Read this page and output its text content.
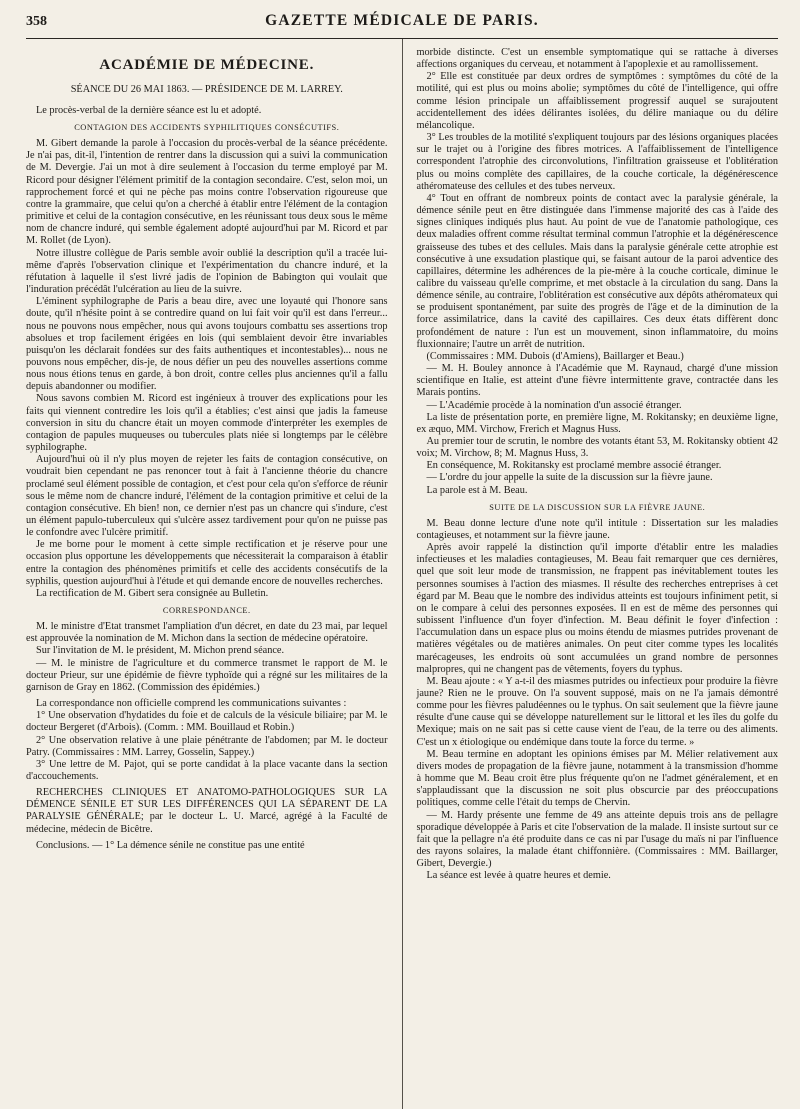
358	GAZETTE MÉDICALE DE PARIS.
ACADÉMIE DE MÉDECINE.
SÉANCE DU 26 MAI 1863. — PRÉSIDENCE DE M. LARREY.

Le procès-verbal de la dernière séance est lu et adopté.

CONTAGION DES ACCIDENTS SYPHILITIQUES CONSÉCUTIFS.

M. Gibert demande la parole à l'occasion du procès-verbal de la séance précédente. Je n'ai pas, dit-il, l'intention de rentrer dans la discussion qui a suivi la communication de M. Devergie. J'ai un mot à dire seulement à l'occasion du terme employé par M. Ricord pour désigner l'élément primitif de la contagion secondaire. C'est, selon moi, un rapprochement forcé et qui ne pèche pas moins contre l'observation rigoureuse que contre la grammaire, que celui qu'on a cherché à établir entre l'élément de la contagion primitive et celui de la contagion consécutive, en les réunissant tous deux sous le même nom de chancre induré, qui semble également adopté aujourd'hui par M. Ricord et par M. Rollet (de Lyon).

Notre illustre collègue de Paris semble avoir oublié la description qu'il a tracée lui-même d'après l'observation clinique et l'expérimentation du chancre induré, et la réfutation à laquelle il s'est livré jadis de l'opinion de Babington qui voulait que l'induration précédât l'ulcération au lieu de la suivre.

L'éminent syphilographe de Paris a beau dire, avec une loyauté qui l'honore sans doute, qu'il n'hésite point à se contredire quand on lui fait voir qu'il est dans l'erreur... nous ne pouvons nous empêcher, nous qui avons toujours combattu ses assertions trop absolues et trop facilement érigées en lois (qui semblaient devoir être invariables puisqu'on les déclarait fondées sur des faits authentiques et incontestables)... nous ne pouvons nous empêcher, dis-je, de nous défier un peu des nouvelles assertions comme nous nous étions tenus en garde, à bon droit, contre celles plus anciennes qu'il a fallu depuis abandonner ou modifier.

Nous savons combien M. Ricord est ingénieux à trouver des explications pour les faits qui viennent contredire les lois qu'il a établies; c'est ainsi que jadis la fameuse conversion in situ du chancre était un moyen commode d'interpréter les exemples de contagion de papules muqueuses ou tubercules plats niée si longtemps par le célèbre syphilographe.

Aujourd'hui où il n'y plus moyen de rejeter les faits de contagion consécutive, on voudrait bien cependant ne pas renoncer tout à fait à l'ancienne théorie du chancre proclamé seul élément possible de contagion, et c'est pour cela qu'on s'efforce de réunir sous le même nom de chancre induré, l'élément de la contagion primitive et celui de la contagion consécutive. Eh bien! non, ce dernier n'est pas un chancre qui s'indure, c'est un élément papulo-tuberculeux qui s'ulcère assez tardivement pour qu'on ne puisse pas le confondre avec l'ulcère primitif.

Je me borne pour le moment à cette simple rectification et je réserve pour une occasion plus opportune les développements que nécessiterait la comparaison à établir entre la contagion des phénomènes primitifs et celle des accidents consécutifs de la syphilis, question aujourd'hui à l'étude et qui demande encore de nouvelles recherches.

La rectification de M. Gibert sera consignée au Bulletin.

CORRESPONDANCE.

M. le ministre d'Etat transmet l'ampliation d'un décret, en date du 23 mai, par lequel est approuvée la nomination de M. Michon dans la section de médecine opératoire.

Sur l'invitation de M. le président, M. Michon prend séance.

— M. le ministre de l'agriculture et du commerce transmet le rapport de M. le docteur Prieur, sur une épidémie de fièvre typhoïde qui a régné sur les militaires de la garnison de Gray en 1862. (Commission des épidémies.)

La correspondance non officielle comprend les communications suivantes :

1° Une observation d'hydatides du foie et de calculs de la vésicule biliaire; par M. le docteur Bergeret (d'Arbois). (Comm. : MM. Bouillaud et Robin.)

2° Une observation relative à une plaie pénétrante de l'abdomen; par M. le docteur Patry. (Commissaires : MM. Larrey, Gosselin, Sappey.)

3° Une lettre de M. Pajot, qui se porte candidat à la place vacante dans la section d'accouchements.

RECHERCHES CLINIQUES ET ANATOMO-PATHOLOGIQUES SUR LA DÉMENCE SÉNILE ET SUR LES DIFFÉRENCES QUI LA SÉPARENT DE LA PARALYSIE GÉNÉRALE; par le docteur L. U. Marcé, agrégé à la Faculté de médecine, médecin de Bicêtre.

Conclusions. — 1° La démence sénile ne constitue pas une entité

morbide distincte. C'est un ensemble symptomatique qui se rattache à diverses affections organiques du cerveau, et notamment à l'apoplexie et au ramollissement.

2° Elle est constituée par deux ordres de symptômes : symptômes du côté de la motilité, qui est plus ou moins abolie; symptômes du côté de l'intelligence, qui offre comme lésion principale un affaiblissement progressif auquel se surajoutent accidentellement des idées délirantes isolées, du délire maniaque ou du délire mélancolique.

3° Les troubles de la motilité s'expliquent toujours par des lésions organiques placées sur le trajet ou à l'origine des fibres motrices. A l'affaiblissement de l'intelligence correspondent l'atrophie des circonvolutions, l'infiltration graisseuse et l'oblitération plus ou moins complète des capillaires, de la couche corticale, la dégénérescence athéromateuse des cellules et des tubes nerveux.

4° Tout en offrant de nombreux points de contact avec la paralysie générale, la démence sénile peut en être distinguée dans l'immense majorité des cas à l'aide des signes cliniques indiqués plus haut. Au point de vue de l'anatomie pathologique, ces deux maladies offrent comme résultat terminal commun l'atrophie et la dégénérescence graisseuse des tubes et des cellules. Mais dans la paralysie générale cette atrophie est consécutive à une exsudation plastique qui, se faisant autour de la paroi adventice des capillaires, détermine les adhérences de la pie-mère à la couche corticale, diminue le calibre du vaisseau qu'elle comprime, et met obstacle à la circulation du sang. Dans la démence sénile, au contraire, l'oblitération est consécutive aux dépôts athéromateux qui se produisent spontanément, par suite des progrès de l'âge et de la diminution de la force assimilatrice, dans la cavité des capillaires. Ces deux états diffèrent donc profondément de nature : l'un est un mouvement, sinon inflammatoire, du moins fluxionnaire; l'autre un arrêt de nutrition.

(Commissaires : MM. Dubois (d'Amiens), Baillarger et Beau.)

— M. H. Bouley annonce à l'Académie que M. Raynaud, chargé d'une mission scientifique en Italie, est atteint d'une fièvre intermittente grave, contractée dans les Marais pontins.

— L'Académie procède à la nomination d'un associé étranger.

La liste de présentation porte, en première ligne, M. Rokitansky; en deuxième ligne, ex æquo, MM. Virchow, Frerich et Magnus Huss.

Au premier tour de scrutin, le nombre des votants étant 53, M. Rokitansky obtient 42 voix; M. Virchow, 8; M. Magnus Huss, 3.

En conséquence, M. Rokitansky est proclamé membre associé étranger.

— L'ordre du jour appelle la suite de la discussion sur la fièvre jaune.

La parole est à M. Beau.

SUITE DE LA DISCUSSION SUR LA FIÈVRE JAUNE.

M. Beau donne lecture d'une note qu'il intitule : Dissertation sur les maladies contagieuses, et notamment sur la fièvre jaune.

Après avoir rappelé la distinction qu'il importe d'établir entre les maladies infectieuses et les maladies contagieuses, M. Beau fait remarquer que ces dernières, quel que soit leur mode de transmission, ne frappent pas inévitablement toutes les personnes soumises à l'action des miasmes. Il résulte des recherches entreprises à cet égard par M. Beau que le nombre des individus atteints est toujours infiniment petit, si on le compare à celui des personnes exposées. Il en est de même des personnes qui subissent l'influence d'un foyer d'infection. M. Beau définit le foyer d'infection : l'accumulation dans un espace plus ou moins étendu de miasmes putrides provenant de matières végétales ou de matières animales. On peut citer comme types les localités marécageuses, les endroits où sont accumulées un grand nombre de personnes malpropres, qui ne changent pas de vêtements, foyers du typhus.

M. Beau ajoute : « Y a-t-il des miasmes putrides ou infectieux pour produire la fièvre jaune? Rien ne le prouve. On l'a souvent supposé, mais on ne l'a jamais démontré comme pour les fièvres paludéennes ou le typhus. On sait seulement que la fièvre jaune résulte d'une cause qui se développe naturellement sur le littoral et les îles du golfe du Mexique; mais on ne sait pas si cette cause vient de l'eau, de la terre ou des aliments. C'est un x étiologique ou endémique dans toute la force du terme. »

M. Beau termine en adoptant les opinions émises par M. Mélier relativement aux divers modes de propagation de la fièvre jaune, notamment à la transmission d'homme à homme que M. Beau croit être plus fréquente qu'on ne l'admet généralement, et en s'applaudissant que la discussion ne soit plus obscurcie par des préoccupations politiques, comme celle l'était du temps de Chervin.

— M. Hardy présente une femme de 49 ans atteinte depuis trois ans de pellagre sporadique développée à Paris et cite l'observation de la malade. Il insiste surtout sur ce fait que la pellagre n'a été produite dans ce cas ni par l'usage du maïs ni par l'influence des rayons solaires, la malade étant chiffonnière. (Commissaires : MM. Baillarger, Gibert, Devergie.)

La séance est levée à quatre heures et demie.
